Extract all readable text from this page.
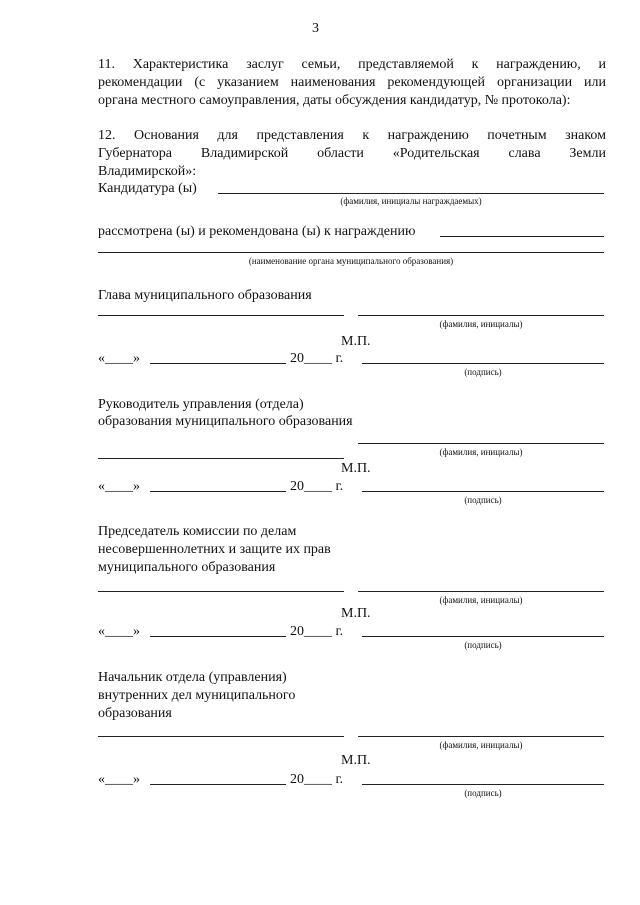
3
11. Характеристика заслуг семьи, представляемой к награждению, и
рекомендации (с указанием наименования рекомендующей организации или
органа местного самоуправления, даты обсуждения кандидатур, № протокола):
12. Основания для представления к награждению почетным знаком
Губернатора Владимирской области «Родительская слава Земли
Владимирской»:
Кандидатура (ы)
(фамилия, инициалы награждаемых)
рассмотрена (ы) и рекомендована (ы) к награждению
(наименование органа муниципального образования)
Глава муниципального образования
(фамилия, инициалы)
М.П.
«____»	20____ г.
(подпись)
Руководитель управления (отдела)
образования муниципального образования
(фамилия, инициалы)
М.П.
«____»	20____ г.
(подпись)
Председатель комиссии по делам
несовершеннолетних и защите их прав
муниципального образования
(фамилия, инициалы)
М.П.
«____»	20____ г.
(подпись)
Начальник отдела (управления)
внутренних дел муниципального
образования
(фамилия, инициалы)
М.П.
«____»	20____ г.
(подпись)
